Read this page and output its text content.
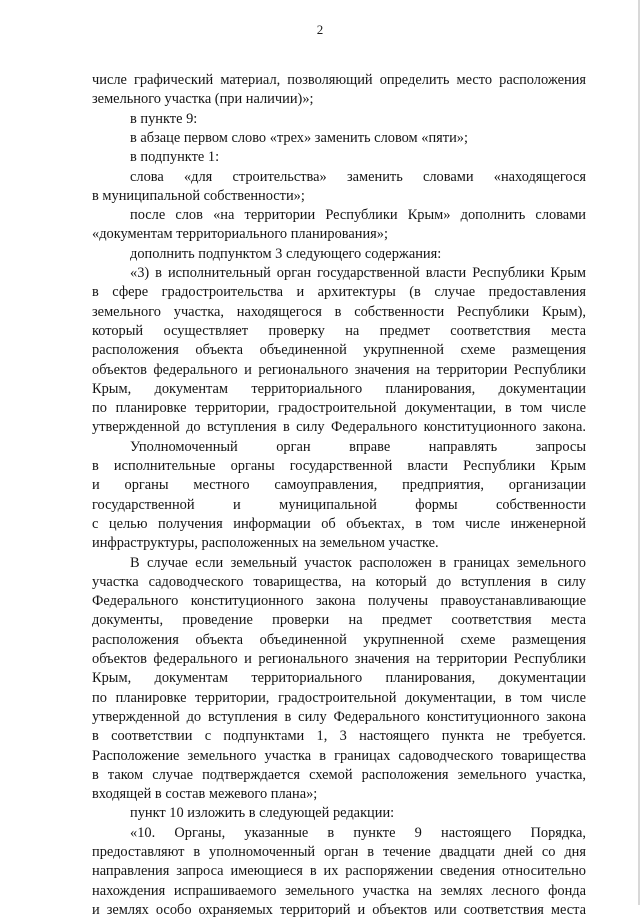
2
числе графический материал, позволяющий определить место расположения
земельного участка (при наличии)»;
в пункте 9:
в абзаце первом слово «трех» заменить словом «пяти»;
в подпункте 1:
слова «для строительства» заменить словами «находящегося
в муниципальной собственности»;
после слов «на территории Республики Крым» дополнить словами
«документам территориального планирования»;
дополнить подпунктом 3 следующего содержания:
«3) в исполнительный орган государственной власти Республики Крым
в сфере градостроительства и архитектуры (в случае предоставления
земельного участка, находящегося в собственности Республики Крым),
который осуществляет проверку на предмет соответствия места
расположения объекта объединенной укрупненной схеме размещения
объектов федерального и регионального значения на территории Республики
Крым, документам территориального планирования, документации
по планировке территории, градостроительной документации, в том числе
утвержденной до вступления в силу Федерального конституционного закона.
Уполномоченный орган вправе направлять запросы
в исполнительные органы государственной власти Республики Крым
и органы местного самоуправления, предприятия, организации
государственной и муниципальной формы собственности
с целью получения информации об объектах, в том числе инженерной
инфраструктуры, расположенных на земельном участке.
В случае если земельный участок расположен в границах земельного
участка садоводческого товарищества, на который до вступления в силу
Федерального конституционного закона получены правоустанавливающие
документы, проведение проверки на предмет соответствия места
расположения объекта объединенной укрупненной схеме размещения
объектов федерального и регионального значения на территории Республики
Крым, документам территориального планирования, документации
по планировке территории, градостроительной документации, в том числе
утвержденной до вступления в силу Федерального конституционного закона
в соответствии с подпунктами 1, 3 настоящего пункта не требуется.
Расположение земельного участка в границах садоводческого товарищества
в таком случае подтверждается схемой расположения земельного участка,
входящей в состав межевого плана»;
пункт 10 изложить в следующей редакции:
«10. Органы, указанные в пункте 9 настоящего Порядка,
предоставляют в уполномоченный орган в течение двадцати дней со дня
направления запроса имеющиеся в их распоряжении сведения относительно
нахождения испрашиваемого земельного участка на землях лесного фонда
и землях особо охраняемых территорий и объектов или соответствия места
